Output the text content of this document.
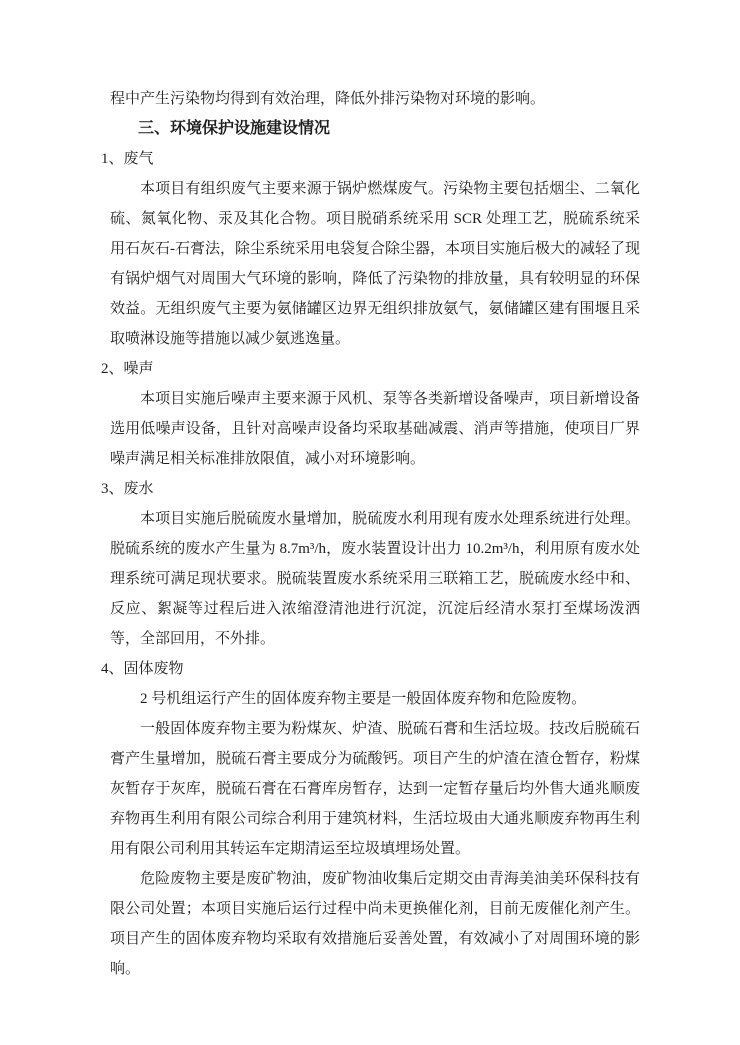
程中产生污染物均得到有效治理，降低外排污染物对环境的影响。

三、环境保护设施建设情况

1、废气

本项目有组织废气主要来源于锅炉燃煤废气。污染物主要包括烟尘、二氧化硫、氮氧化物、汞及其化合物。项目脱硝系统采用 SCR 处理工艺，脱硫系统采用石灰石-石膏法，除尘系统采用电袋复合除尘器，本项目实施后极大的减轻了现有锅炉烟气对周围大气环境的影响，降低了污染物的排放量，具有较明显的环保效益。无组织废气主要为氨储罐区边界无组织排放氨气，氨储罐区建有围堰且采取喷淋设施等措施以减少氨逃逸量。

2、噪声

本项目实施后噪声主要来源于风机、泵等各类新增设备噪声，项目新增设备选用低噪声设备，且针对高噪声设备均采取基础减震、消声等措施，使项目厂界噪声满足相关标准排放限值，减小对环境影响。

3、废水

本项目实施后脱硫废水量增加，脱硫废水利用现有废水处理系统进行处理。脱硫系统的废水产生量为 8.7m³/h，废水装置设计出力 10.2m³/h，利用原有废水处理系统可满足现状要求。脱硫装置废水系统采用三联箱工艺，脱硫废水经中和、反应、絮凝等过程后进入浓缩澄清池进行沉淀，沉淀后经清水泵打至煤场泼洒等，全部回用，不外排。

4、固体废物

2 号机组运行产生的固体废弃物主要是一般固体废弃物和危险废物。

一般固体废弃物主要为粉煤灰、炉渣、脱硫石膏和生活垃圾。技改后脱硫石膏产生量增加，脱硫石膏主要成分为硫酸钙。项目产生的炉渣在渣仓暂存，粉煤灰暂存于灰库，脱硫石膏在石膏库房暂存，达到一定暂存量后均外售大通兆顺废弃物再生利用有限公司综合利用于建筑材料，生活垃圾由大通兆顺废弃物再生利用有限公司利用其转运车定期清运至垃圾填埋场处置。

危险废物主要是废矿物油，废矿物油收集后定期交由青海美油美环保科技有限公司处置；本项目实施后运行过程中尚未更换催化剂，目前无废催化剂产生。项目产生的固体废弃物均采取有效措施后妥善处置，有效减小了对周围环境的影响。
